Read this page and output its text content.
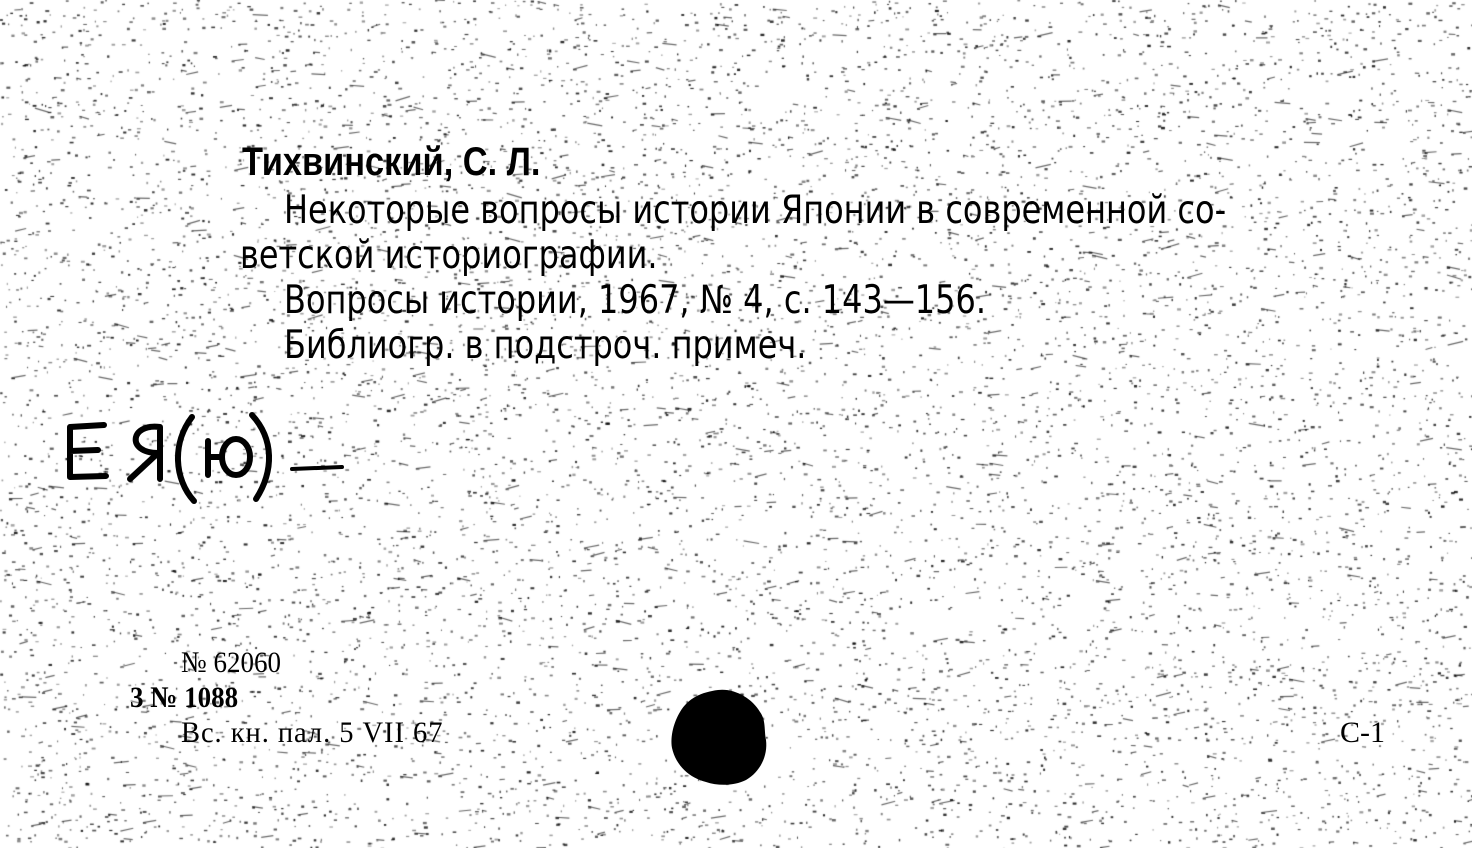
Тихвинский, С. Л.
Некоторые вопросы истории Японии в современной со-
ветской историографии.
Вопросы истории, 1967, № 4, с. 143—156.
Библиогр. в подстроч. примеч.
№ 62060
3 № 1088
Вс. кн. пал. 5 VII 67	С-1
